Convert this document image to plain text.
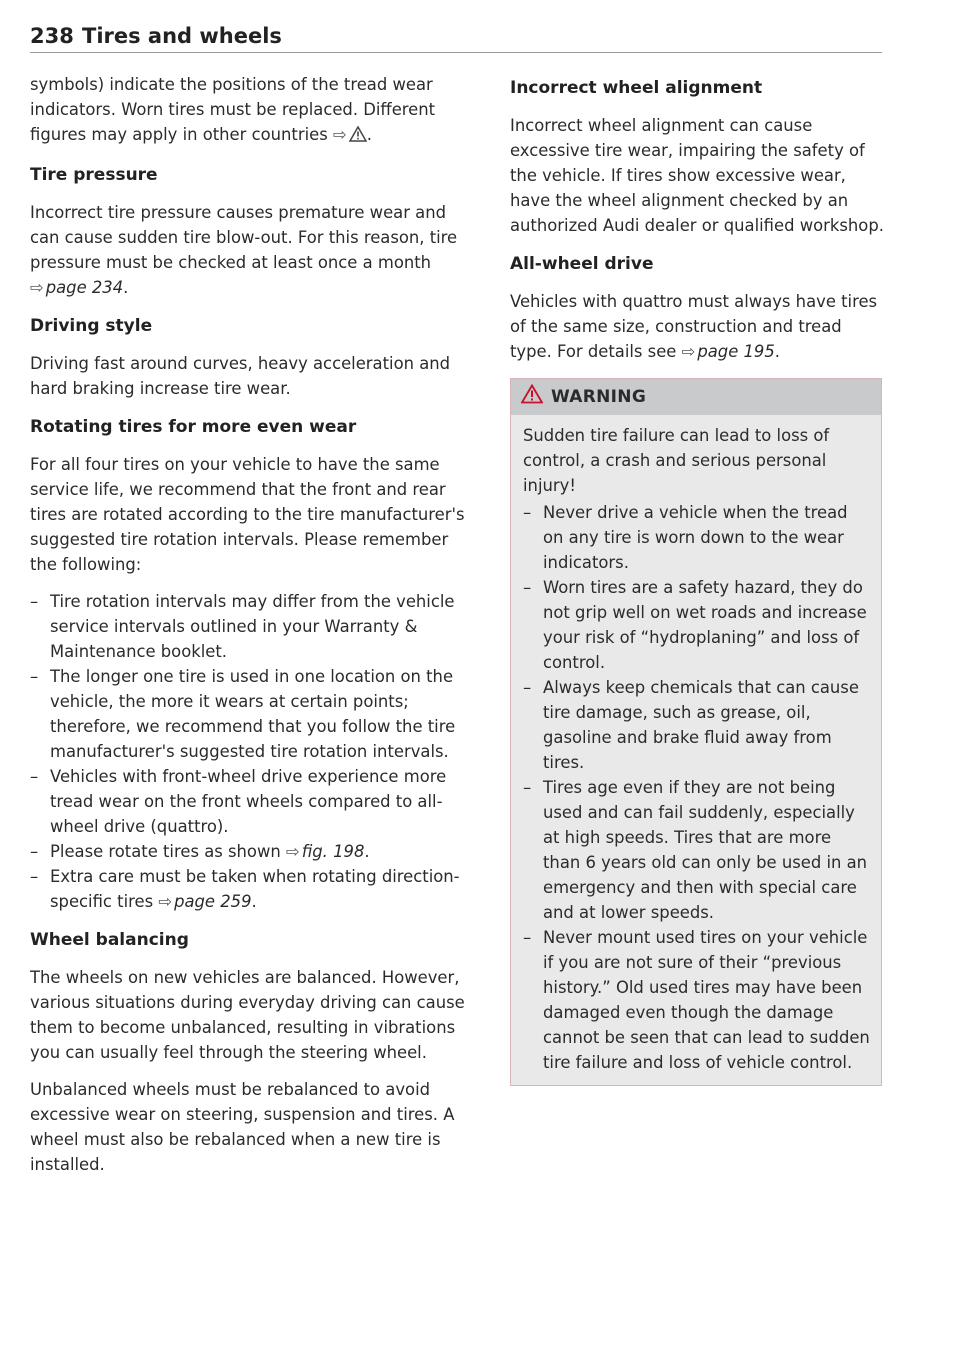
238 Tires and wheels

symbols) indicate the positions of the tread wear indicators. Worn tires must be replaced. Different figures may apply in other countries ⇨ .

Tire pressure

Incorrect tire pressure causes premature wear and can cause sudden tire blow-out. For this reason, tire pressure must be checked at least once a month ⇨ page 234.

Driving style

Driving fast around curves, heavy acceleration and hard braking increase tire wear.

Rotating tires for more even wear

For all four tires on your vehicle to have the same service life, we recommend that the front and rear tires are rotated according to the tire manufacturer's suggested tire rotation intervals. Please remember the following:

– Tire rotation intervals may differ from the vehicle service intervals outlined in your Warranty & Maintenance booklet.
– The longer one tire is used in one location on the vehicle, the more it wears at certain points; therefore, we recommend that you follow the tire manufacturer's suggested tire rotation intervals.
– Vehicles with front-wheel drive experience more tread wear on the front wheels compared to all-wheel drive (quattro).
– Please rotate tires as shown ⇨ fig. 198.
– Extra care must be taken when rotating direction-specific tires ⇨ page 259.
Wheel balancing

The wheels on new vehicles are balanced. However, various situations during everyday driving can cause them to become unbalanced, resulting in vibrations you can usually feel through the steering wheel.

Unbalanced wheels must be rebalanced to avoid excessive wear on steering, suspension and tires. A wheel must also be rebalanced when a new tire is installed.

Incorrect wheel alignment

Incorrect wheel alignment can cause excessive tire wear, impairing the safety of the vehicle. If tires show excessive wear, have the wheel alignment checked by an authorized Audi dealer or qualified workshop.

All-wheel drive

Vehicles with quattro must always have tires of the same size, construction and tread type. For details see ⇨ page 195.

WARNING

Sudden tire failure can lead to loss of control, a crash and serious personal injury!

– Never drive a vehicle when the tread on any tire is worn down to the wear indicators.
– Worn tires are a safety hazard, they do not grip well on wet roads and increase your risk of “hydroplaning” and loss of control.
– Always keep chemicals that can cause tire damage, such as grease, oil, gasoline and brake fluid away from tires.
– Tires age even if they are not being used and can fail suddenly, especially at high speeds. Tires that are more than 6 years old can only be used in an emergency and then with special care and at lower speeds.
– Never mount used tires on your vehicle if you are not sure of their “previous history.” Old used tires may have been damaged even though the damage cannot be seen that can lead to sudden tire failure and loss of vehicle control.
